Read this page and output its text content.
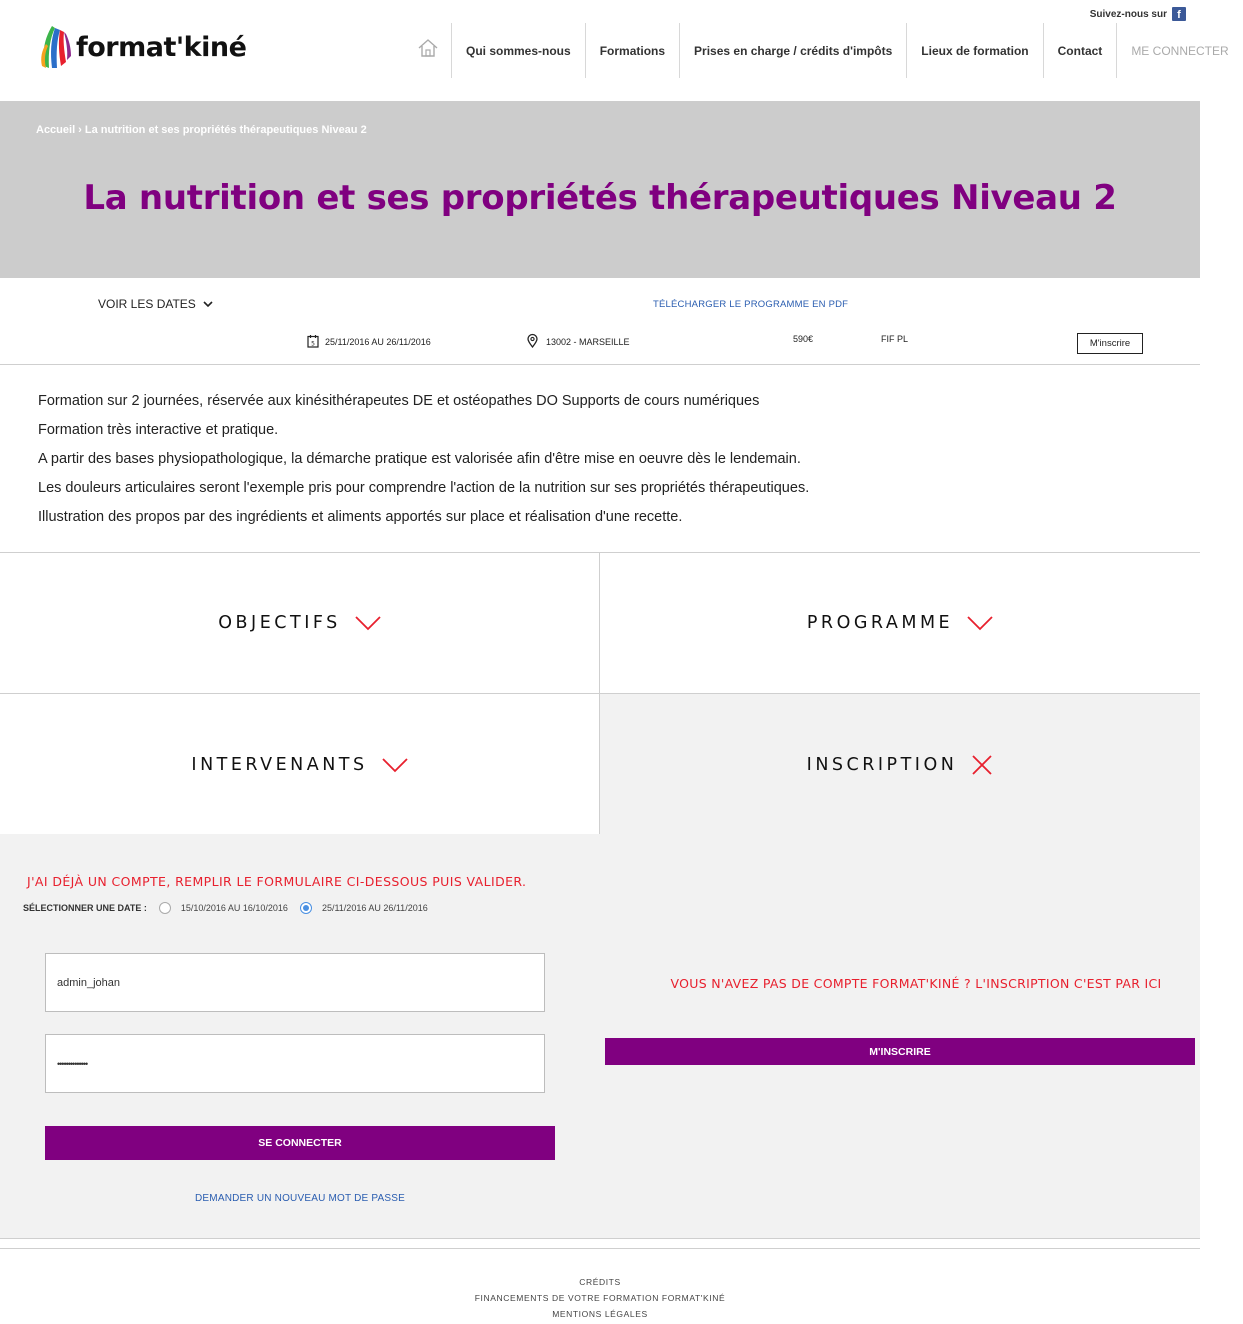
format'kiné
Suivez-nous sur f
Qui sommes-nous	Formations	Prises en charge / crédits d'impôts	Lieux de formation	Contact	ME CONNECTER
Accueil › La nutrition et ses propriétés thérapeutiques Niveau 2
La nutrition et ses propriétés thérapeutiques Niveau 2
VOIR LES DATES	TÉLÉCHARGER LE PROGRAMME EN PDF
5 25/11/2016 AU 26/11/2016	13002 - MARSEILLE	590€	FIF PL	M'inscrire

Formation sur 2 journées, réservée aux kinésithérapeutes DE et ostéopathes DO Supports de cours numériques

Formation très interactive et pratique.

A partir des bases physiopathologique, la démarche pratique est valorisée afin d'être mise en oeuvre dès le lendemain.

Les douleurs articulaires seront l'exemple pris pour comprendre l'action de la nutrition sur ses propriétés thérapeutiques.

Illustration des propos par des ingrédients et aliments apportés sur place et réalisation d'une recette.

OBJECTIFS	PROGRAMME
INTERVENANTS	INSCRIPTION
J'AI DÉJÀ UN COMPTE, REMPLIR LE FORMULAIRE CI-DESSOUS PUIS VALIDER.
SÉLECTIONNER UNE DATE :	15/10/2016 AU 16/10/2016	25/11/2016 AU 26/11/2016
admin_johan
••••••••••••••
SE CONNECTER
DEMANDER UN NOUVEAU MOT DE PASSE
VOUS N'AVEZ PAS DE COMPTE FORMAT'KINÉ ? L'INSCRIPTION C'EST PAR ICI
M'INSCRIRE
CRÉDITS
FINANCEMENTS DE VOTRE FORMATION FORMAT'KINÉ
MENTIONS LÉGALES
